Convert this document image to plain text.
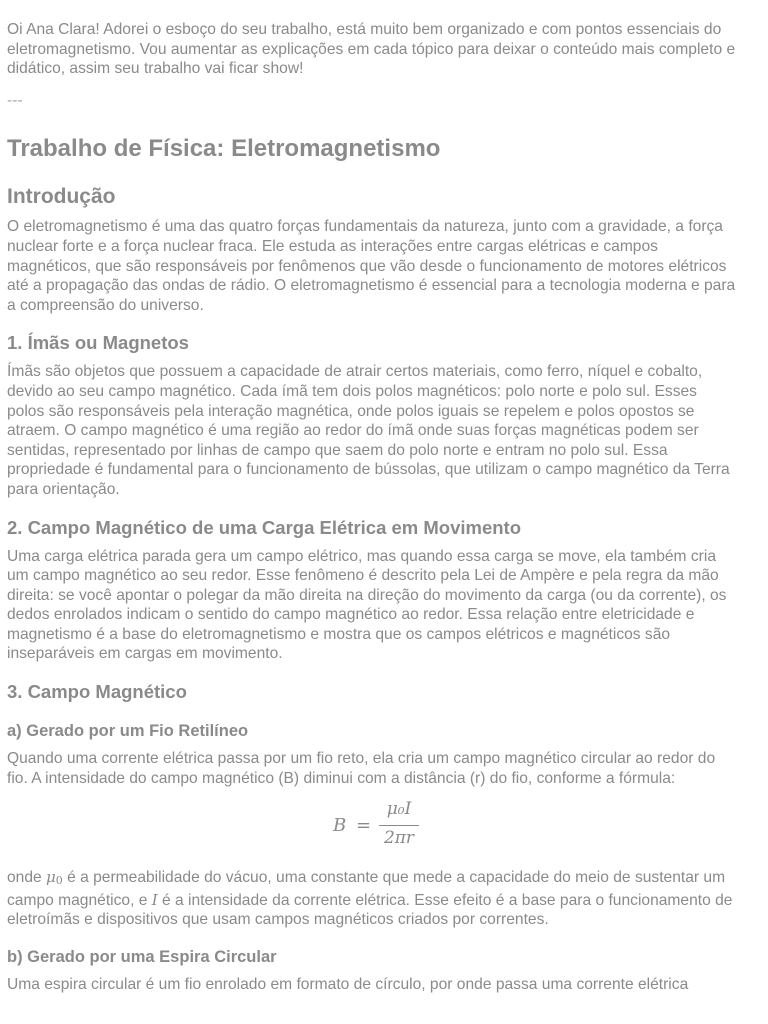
Oi Ana Clara! Adorei o esboço do seu trabalho, está muito bem organizado e com pontos essenciais do eletromagnetismo. Vou aumentar as explicações em cada tópico para deixar o conteúdo mais completo e didático, assim seu trabalho vai ficar show!

---
Trabalho de Física: Eletromagnetismo
Introdução

O eletromagnetismo é uma das quatro forças fundamentais da natureza, junto com a gravidade, a força nuclear forte e a força nuclear fraca. Ele estuda as interações entre cargas elétricas e campos magnéticos, que são responsáveis por fenômenos que vão desde o funcionamento de motores elétricos até a propagação das ondas de rádio. O eletromagnetismo é essencial para a tecnologia moderna e para a compreensão do universo.

1. Ímãs ou Magnetos

Ímãs são objetos que possuem a capacidade de atrair certos materiais, como ferro, níquel e cobalto, devido ao seu campo magnético. Cada ímã tem dois polos magnéticos: polo norte e polo sul. Esses polos são responsáveis pela interação magnética, onde polos iguais se repelem e polos opostos se atraem. O campo magnético é uma região ao redor do ímã onde suas forças magnéticas podem ser sentidas, representado por linhas de campo que saem do polo norte e entram no polo sul. Essa propriedade é fundamental para o funcionamento de bússolas, que utilizam o campo magnético da Terra para orientação.

2. Campo Magnético de uma Carga Elétrica em Movimento

Uma carga elétrica parada gera um campo elétrico, mas quando essa carga se move, ela também cria um campo magnético ao seu redor. Esse fenômeno é descrito pela Lei de Ampère e pela regra da mão direita: se você apontar o polegar da mão direita na direção do movimento da carga (ou da corrente), os dedos enrolados indicam o sentido do campo magnético ao redor. Essa relação entre eletricidade e magnetismo é a base do eletromagnetismo e mostra que os campos elétricos e magnéticos são inseparáveis em cargas em movimento.

3. Campo Magnético
a) Gerado por um Fio Retilíneo

Quando uma corrente elétrica passa por um fio reto, ela cria um campo magnético circular ao redor do fio. A intensidade do campo magnético (B) diminui com a distância (r) do fio, conforme a fórmula:

B =
μ₀I
2πr

onde μ0 é a permeabilidade do vácuo, uma constante que mede a capacidade do meio de sustentar um campo magnético, e I é a intensidade da corrente elétrica. Esse efeito é a base para o funcionamento de eletroímãs e dispositivos que usam campos magnéticos criados por correntes.

b) Gerado por uma Espira Circular

Uma espira circular é um fio enrolado em formato de círculo, por onde passa uma corrente elétrica
